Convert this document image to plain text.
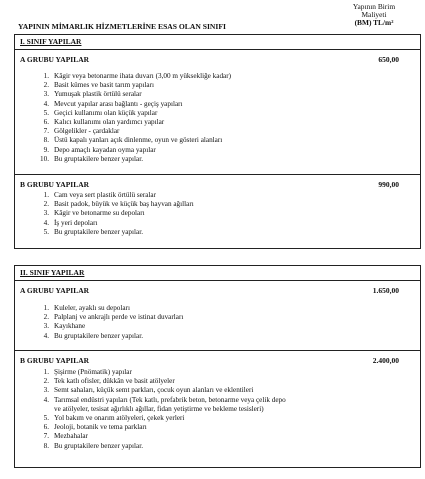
Yapının Birim
Maliyeti
(BM) TL/m²
YAPININ MİMARLIK HİZMETLERİNE ESAS OLAN SINIFI
I. SINIF YAPILAR
A GRUBU YAPILAR	650,00
1. Kâgir veya betonarme ihata duvarı (3,00 m yüksekliğe kadar)
2. Basit kümes ve basit tarım yapıları
3. Yumuşak plastik örtülü seralar
4. Mevcut yapılar arası bağlantı - geçiş yapıları
5. Geçici kullanımı olan küçük yapılar
6. Kalıcı kullanımı olan yardımcı yapılar
7. Gölgelikler - çardaklar
8. Üstü kapalı yanları açık dinlenme, oyun ve gösteri alanları
9. Depo amaçlı kayadan oyma yapılar
10. Bu gruptakilere benzer yapılar.
B GRUBU YAPILAR	990,00
1. Cam veya sert plastik örtülü seralar
2. Basit padok, büyük ve küçük baş hayvan ağılları
3. Kâgir ve betonarme su depoları
4. İş yeri depoları
5. Bu gruptakilere benzer yapılar.
II. SINIF YAPILAR
A GRUBU YAPILAR	1.650,00
1. Kuleler, ayaklı su depoları
2. Palplanj ve ankrajlı perde ve istinat duvarları
3. Kayıkhane
4. Bu gruptakilere benzer yapılar.
B GRUBU YAPILAR	2.400,00
1. Şişirme (Pnömatik) yapılar
2. Tek katlı ofisler, dükkân ve basit atölyeler
3. Semt sahaları, küçük semt parkları, çocuk oyun alanları ve eklentileri
4. Tarımsal endüstri yapıları (Tek katlı, prefabrik beton, betonarme veya çelik depo
ve atölyeler, tesisat ağırlıklı ağıllar, fidan yetiştirme ve bekleme tesisleri)
5. Yol bakım ve onarım atölyeleri, çekek yerleri
6. Jeoloji, botanik ve tema parkları
7. Mezbahalar
8. Bu gruptakilere benzer yapılar.
